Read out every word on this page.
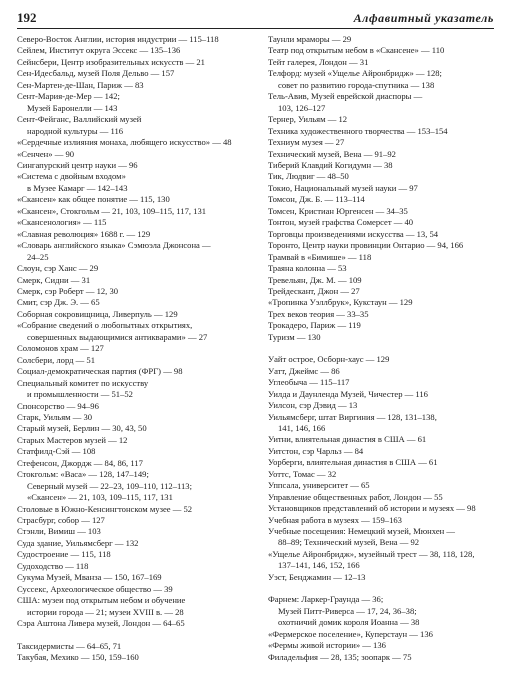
192	Алфавитный указатель
Северо-Восток Англии, история индустрии — 115–118
Сейлем, Институт округа Эссекс — 135–136
Сейнсбери, Центр изобразительных искусств — 21
Сен-Идесбальд, музей Поля Дельво — 157
Сен-Мартен-де-Шан, Париж — 83
Сент-Мария-де-Мер — 142;
Музей Баронелли — 143
Сент-Фейганс, Валлийский музей
народной культуры — 116
«Сердечные излияния монаха, любящего искусство» — 48
«Сенчен» — 90
Сингапурский центр науки — 96
«Система с двойным входом»
в Музее Камарг — 142–143
«Скансен» как общее понятие — 115, 130
«Скансен», Стокгольм — 21, 103, 109–115, 117, 131
«Скансенология» — 115
«Славная революция» 1688 г. — 129
«Словарь английского языка» Сэмюэла Джонсона —
24–25
Слоун, сэр Ханс — 29
Смерк, Сидни — 31
Смерк, сэр Роберт — 12, 30
Смит, сэр Дж. Э. — 65
Соборная сокровищница, Ливерпуль — 129
«Собрание сведений о любопытных открытиях,
совершенных выдающимися антикварами» — 27
Соломонов храм — 127
Солсбери, лорд — 51
Социал-демократическая партия (ФРГ) — 98
Специальный комитет по искусству
и промышленности — 51–52
Спонсорство — 94–96
Старк, Уильям — 30
Старый музей, Берлин — 30, 43, 50
Старых Мастеров музей — 12
Статфилд-Сэй — 108
Стефенсон, Джордж — 84, 86, 117
Стокгольм: «Васа» — 128, 147–149;
Северный музей — 22–23, 109–110, 112–113;
«Скансен» — 21, 103, 109–115, 117, 131
Столовые в Южно-Кенсингтонском музее — 52
Страсбург, собор — 127
Стэнли, Вимиш — 103
Суда здание, Уильямсберг — 132
Судостроение — 115, 118
Судоходство — 118
Сукума Музей, Мванза — 150, 167–169
Суссекс, Археологическое общество — 39
США: музеи под открытым небом и обучение
истории города — 21; музеи XVIII в. — 28
Сэра Аштона Ливера музей, Лондон — 64–65
Таксидермисты — 64–65, 71
Такубая, Мехико — 150, 159–160
Таунли мраморы — 29
Театр под открытым небом в «Скансене» — 110
Тейт галерея, Лондон — 31
Телфорд: музей «Ущелье Айронбридж» — 128;
совет по развитию города-спутника — 138
Тель-Авив, Музей еврейской диаспоры —
103, 126–127
Тернер, Уильям — 12
Техника художественного творчества — 153–154
Техниум музея — 27
Технический музей, Вена — 91–92
Тиберий Клавдий Когидумн — 38
Тик, Людвиг — 48–50
Токио, Национальный музей науки — 97
Томсон, Дж. Б. — 113–114
Томсен, Кристиан Юргенсен — 34–35
Тонтон, музей графства Сомерсет — 40
Торговцы произведениями искусства — 13, 54
Торонто, Центр науки провинции Онтарио — 94, 166
Трамвай в «Бимише» — 118
Траяна колонна — 53
Тревельян, Дж. М. — 109
Трейдескант, Джон — 27
«Тропинка Уэллбрук», Кукстаун — 129
Трех веков теория — 33–35
Трокадеро, Париж — 119
Туризм — 130
Уайт острое, Осборн-хаус — 129
Уатт, Джеймс — 86
Углеобыча — 115–117
Уилда и Даунленда Музей, Чичестер — 116
Уилсон, сэр Дэвид — 13
Уильямсберг, штат Виргиния — 128, 131–138,
141, 146, 166
Уитни, влиятельная династия в США — 61
Уитстон, сэр Чарльз — 84
Уорберги, влиятельная династия в США — 61
Уоттс, Томас — 32
Уппсала, университет — 65
Управление общественных работ, Лондон — 55
Установщиков представлений об истории и музеях — 98
Учебная работа в музеях — 159–163
Учебные посещения: Немецкий музей, Мюнхен —
88–89; Технический музей, Вена — 92
«Ущелье Айронбридж», музейный трест — 38, 118, 128,
137–141, 146, 152, 166
Уэст, Бенджамин — 12–13
Фарнем: Ларкер-Граунда — 36;
Музей Питт-Риверса — 17, 24, 36–38;
охотничий домик короля Иоанна — 38
«Фермерское поселение», Куперстаун — 136
«Фермы живой истории» — 136
Филадельфия — 28, 135; зоопарк — 75
